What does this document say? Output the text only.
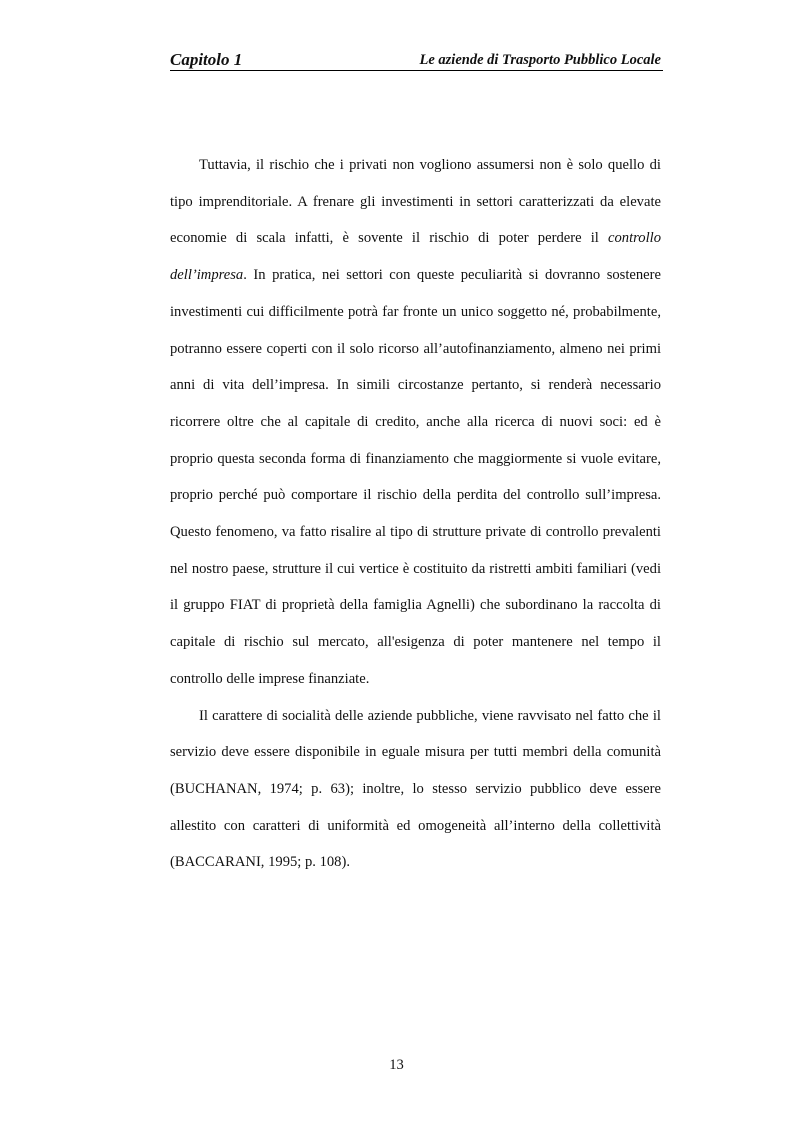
Capitolo 1	Le aziende di Trasporto Pubblico Locale

Tuttavia, il rischio che i privati non vogliono assumersi non è solo quello di tipo imprenditoriale. A frenare gli investimenti in settori caratterizzati da elevate economie di scala infatti, è sovente il rischio di poter perdere il controllo dell’impresa. In pratica, nei settori con queste peculiarità si dovranno sostenere investimenti cui difficilmente potrà far fronte un unico soggetto né, probabilmente, potranno essere coperti con il solo ricorso all’autofinanziamento, almeno nei primi anni di vita dell’impresa. In simili circostanze pertanto, si renderà necessario ricorrere oltre che al capitale di credito, anche alla ricerca di nuovi soci: ed è proprio questa seconda forma di finanziamento che maggiormente si vuole evitare, proprio perché può comportare il rischio della perdita del controllo sull’impresa. Questo fenomeno, va fatto risalire al tipo di strutture private di controllo prevalenti nel nostro paese, strutture il cui vertice è costituito da ristretti ambiti familiari (vedi il gruppo FIAT di proprietà della famiglia Agnelli) che subordinano la raccolta di capitale di rischio sul mercato, all'esigenza di poter mantenere nel tempo il controllo delle imprese finanziate.

Il carattere di socialità delle aziende pubbliche, viene ravvisato nel fatto che il servizio deve essere disponibile in eguale misura per tutti membri della comunità (BUCHANAN, 1974; p. 63); inoltre, lo stesso servizio pubblico deve essere allestito con caratteri di uniformità ed omogeneità all’interno della collettività (BACCARANI, 1995; p. 108).

13
